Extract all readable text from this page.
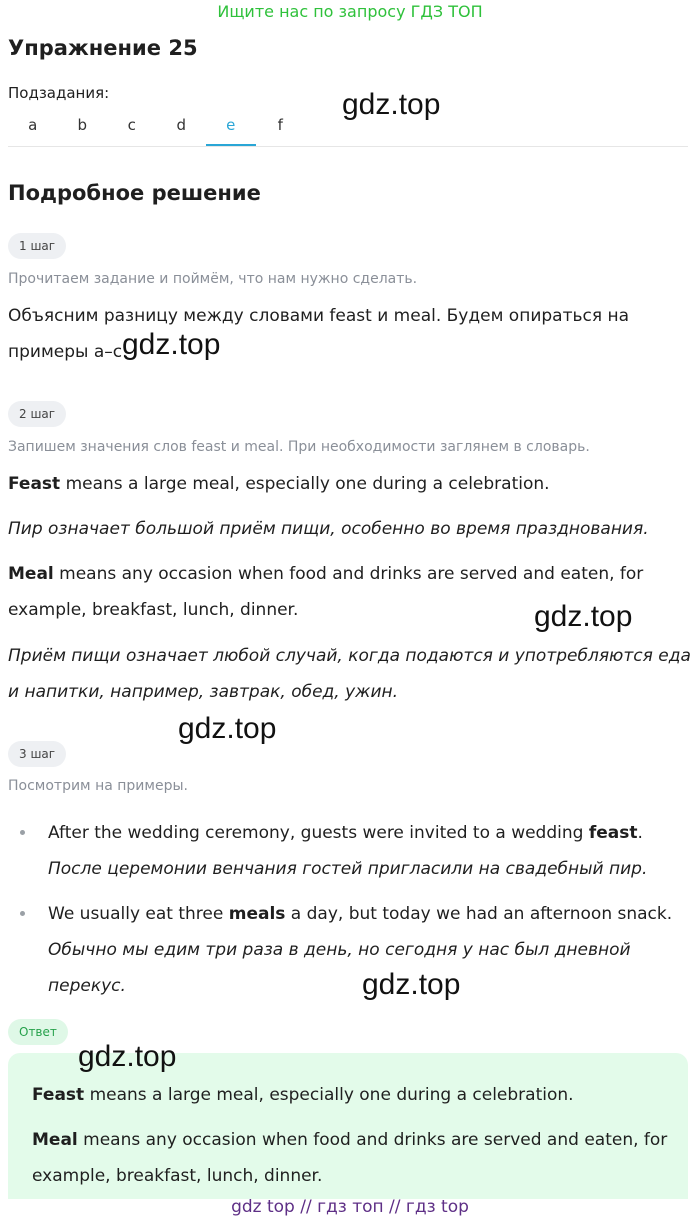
Ищите нас по запросу ГДЗ ТОП
Упражнение 25
Подзадания:
a	b	c	d	e	f
gdz.top
Подробное решение
1 шаг
Прочитаем задание и поймём, что нам нужно сделать.
Объясним разницу между словами feast и meal. Будем опираться на примеры а–с.
gdz.top
2 шаг
Запишем значения слов feast и meal. При необходимости заглянем в словарь.
Feast means a large meal, especially one during a celebration.
Пир означает большой приём пищи, особенно во время празднования.
Meal means any occasion when food and drinks are served and eaten, for example, breakfast, lunch, dinner.	gdz.top
Приём пищи означает любой случай, когда подаются и употребляются еда и напитки, например, завтрак, обед, ужин.
gdz.top
3 шаг
Посмотрим на примеры.
After the wedding ceremony, guests were invited to a wedding feast. После церемонии венчания гостей пригласили на свадебный пир.
We usually eat three meals a day, but today we had an afternoon snack.
Обычно мы едим три раза в день, но сегодня у нас был дневной перекус.	gdz.top
Ответ
Feast means a large meal, especially one during a celebration.
Meal means any occasion when food and drinks are served and eaten, for example, breakfast, lunch, dinner.
gdz.top
gdz top // гдз топ // гдз top
